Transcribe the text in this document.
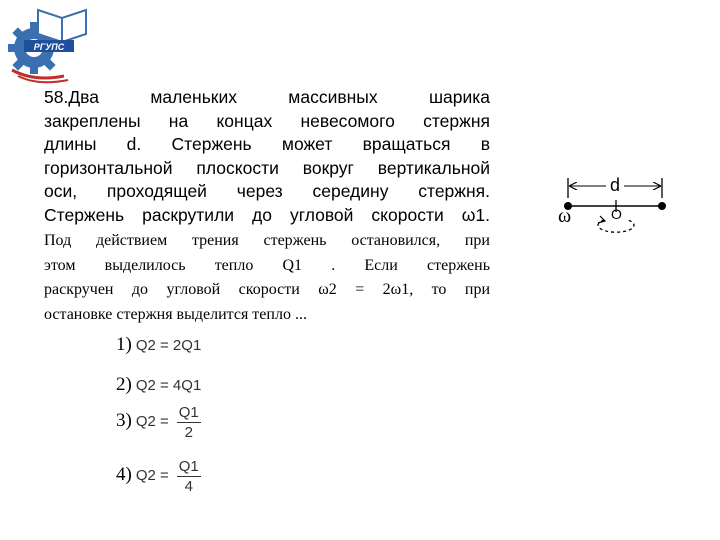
РГУПС
58.Два маленьких массивных шарика
закреплены на концах невесомого стержня
длины d. Стержень может вращаться в
горизонтальной плоскости вокруг вертикальной
оси, проходящей через середину стержня.
Стержень раскрутили до угловой скорости ω1.
Под действием трения стержень остановился, при
этом выделилось тепло Q1 . Если стержень
раскручен до угловой скорости ω2 = 2ω1, то при
остановке стержня выделится тепло ...
1) Q2 = 2Q1
2) Q2 = 4Q1
3) $Q2 = \frac{Q1}{2}$
4) $Q2 = \frac{Q1}{4}$
d
ω	O
